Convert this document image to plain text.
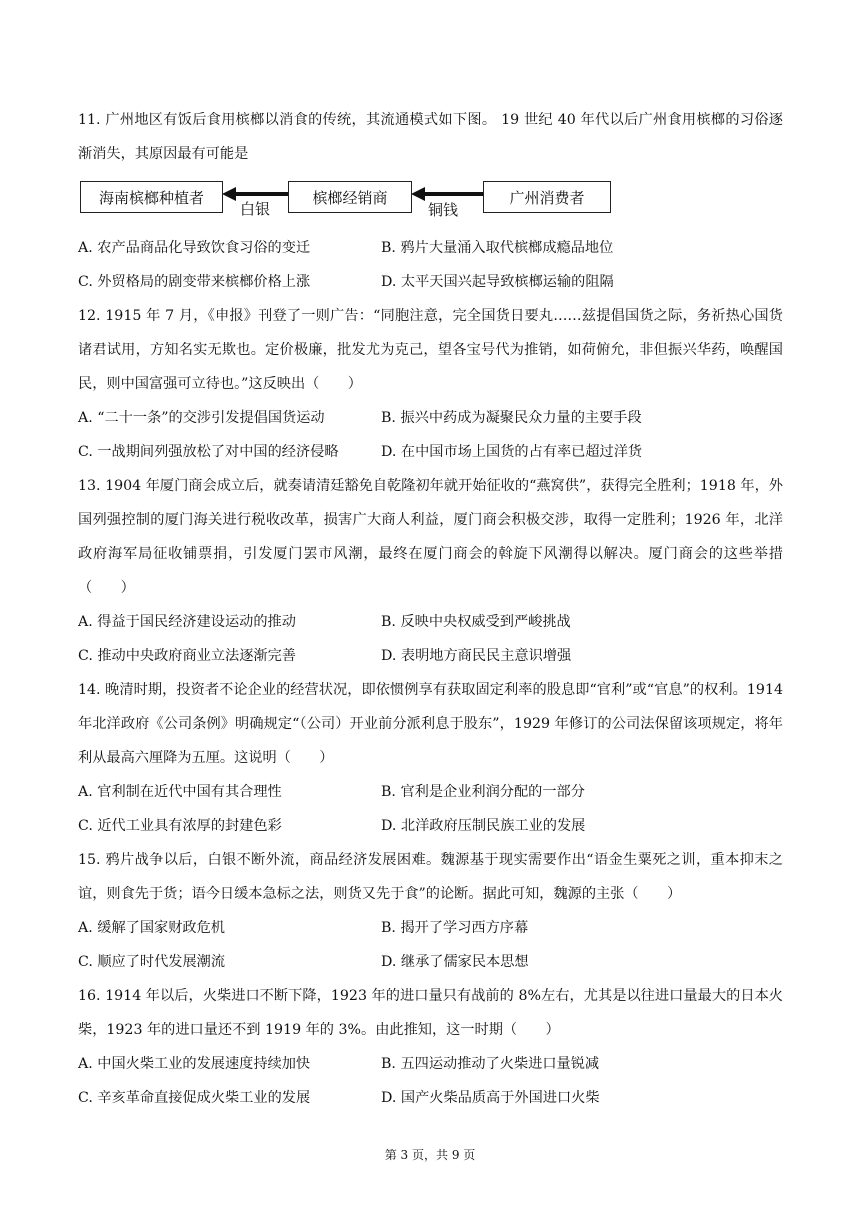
11. 广州地区有饭后食用槟榔以消食的传统，其流通模式如下图。 19 世纪 40 年代以后广州食用槟榔的习俗逐渐消失，其原因最有可能是

海南槟榔种植者	槟榔经销商	广州消费者
白银	铜钱
A. 农产品商品化导致饮食习俗的变迁	B. 鸦片大量涌入取代槟榔成瘾品地位
C. 外贸格局的剧变带来槟榔价格上涨	D. 太平天国兴起导致槟榔运输的阻隔

12. 1915 年 7 月，《申报》刊登了一则广告：“同胞注意，完全国货日要丸……兹提倡国货之际，务祈热心国货诸君试用，方知名实无欺也。定价极廉，批发尤为克己，望各宝号代为推销，如荷俯允，非但振兴华药，唤醒国民，则中国富强可立待也。”这反映出（　　）

A. “二十一条”的交涉引发提倡国货运动	B. 振兴中药成为凝聚民众力量的主要手段
C. 一战期间列强放松了对中国的经济侵略	D. 在中国市场上国货的占有率已超过洋货

13. 1904 年厦门商会成立后，就奏请清廷豁免自乾隆初年就开始征收的“燕窝供”，获得完全胜利；1918 年，外国列强控制的厦门海关进行税收改革，损害广大商人利益，厦门商会积极交涉，取得一定胜利；1926 年，北洋政府海军局征收铺票捐，引发厦门罢市风潮，最终在厦门商会的斡旋下风潮得以解决。厦门商会的这些举措（　　）

A. 得益于国民经济建设运动的推动	B. 反映中央权威受到严峻挑战
C. 推动中央政府商业立法逐渐完善	D. 表明地方商民民主意识增强

14. 晚清时期，投资者不论企业的经营状况，即依惯例享有获取固定利率的股息即“官利”或“官息”的权利。1914 年北洋政府《公司条例》明确规定“（公司）开业前分派利息于股东”，1929 年修订的公司法保留该项规定，将年利从最高六厘降为五厘。这说明（　　）

A. 官利制在近代中国有其合理性	B. 官利是企业利润分配的一部分
C. 近代工业具有浓厚的封建色彩	D. 北洋政府压制民族工业的发展

15. 鸦片战争以后，白银不断外流，商品经济发展困难。魏源基于现实需要作出“语金生粟死之训，重本抑末之谊，则食先于货；语今日缓本急标之法，则货又先于食”的论断。据此可知，魏源的主张（　　）

A. 缓解了国家财政危机	B. 揭开了学习西方序幕
C. 顺应了时代发展潮流	D. 继承了儒家民本思想

16. 1914 年以后，火柴进口不断下降，1923 年的进口量只有战前的 8%左右，尤其是以往进口量最大的日本火柴，1923 年的进口量还不到 1919 年的 3%。由此推知，这一时期（　　）

A. 中国火柴工业的发展速度持续加快	B. 五四运动推动了火柴进口量锐减
C. 辛亥革命直接促成火柴工业的发展	D. 国产火柴品质高于外国进口火柴
第 3 页，共 9 页
